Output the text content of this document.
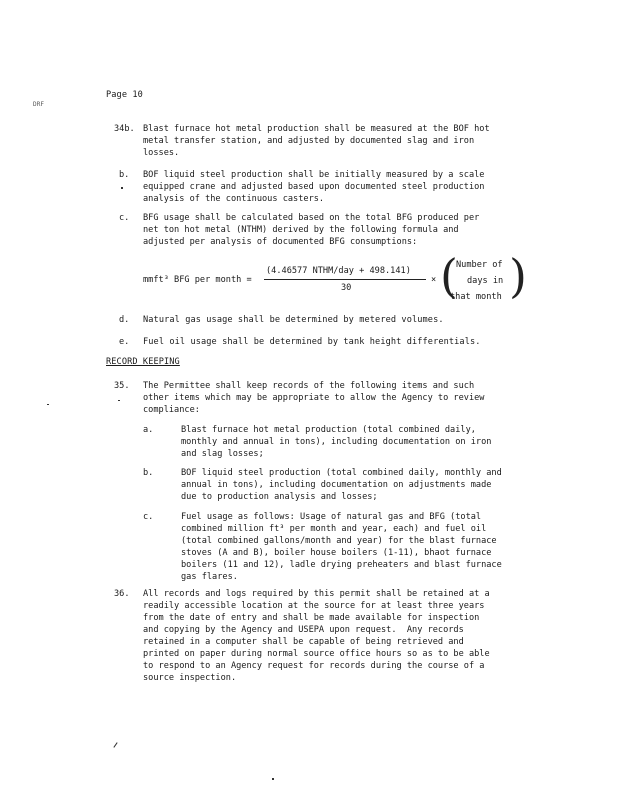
Page 10
DRF
34b. Blast furnace hot metal production shall be measured at the BOF hot
metal transfer station, and adjusted by documented slag and iron
losses.
b. BOF liquid steel production shall be initially measured by a scale
equipped crane and adjusted based upon documented steel production
analysis of the continuous casters.
c. BFG usage shall be calculated based on the total BFG produced per
net ton hot metal (NTHM) derived by the following formula and
adjusted per analysis of documented BFG consumptions:
mmft³ BFG per month =
(4.46577 NTHM/day + 498.141)
30
× (
Number of
days in
that month )
d. Natural gas usage shall be determined by metered volumes.
e. Fuel oil usage shall be determined by tank height differentials.
RECORD KEEPING
35. The Permittee shall keep records of the following items and such
other items which may be appropriate to allow the Agency to review
compliance:
a.	Blast furnace hot metal production (total combined daily,
monthly and annual in tons), including documentation on iron
and slag losses;
b.	BOF liquid steel production (total combined daily, monthly and
annual in tons), including documentation on adjustments made
due to production analysis and losses;
c.	Fuel usage as follows: Usage of natural gas and BFG (total
combined million ft³ per month and year, each) and fuel oil
(total combined gallons/month and year) for the blast furnace
stoves (A and B), boiler house boilers (1-11), bhaot furnace
boilers (11 and 12), ladle drying preheaters and blast furnace
gas flares.
36. All records and logs required by this permit shall be retained at a
readily accessible location at the source for at least three years
from the date of entry and shall be made available for inspection
and copying by the Agency and USEPA upon request.  Any records
retained in a computer shall be capable of being retrieved and
printed on paper during normal source office hours so as to be able
to respond to an Agency request for records during the course of a
source inspection.
